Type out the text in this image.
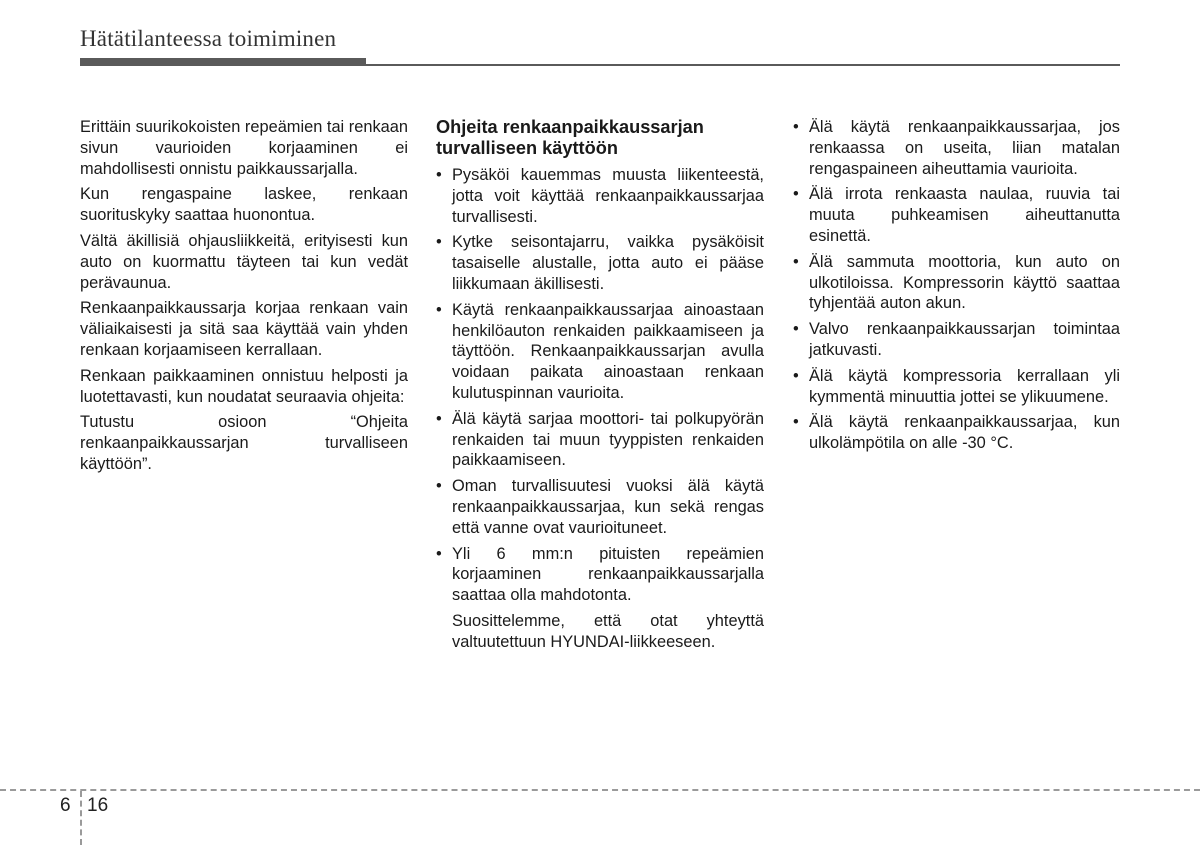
Hätätilanteessa toimiminen

Erittäin suurikokoisten repeämien tai renkaan sivun vaurioiden korjaaminen ei mahdollisesti onnistu paikkaussarjalla.

Kun rengaspaine laskee, renkaan suorituskyky saattaa huonontua.

Vältä äkillisiä ohjausliikkeitä, erityisesti kun auto on kuormattu täyteen tai kun vedät perävaunua.

Renkaanpaikkaussarja korjaa renkaan vain väliaikaisesti ja sitä saa käyttää vain yhden renkaan korjaamiseen kerrallaan.

Renkaan paikkaaminen onnistuu helposti ja luotettavasti, kun noudatat seuraavia ohjeita:

Tutustu osioon “Ohjeita renkaanpaikkaussarjan turvalliseen käyttöön”.

Ohjeita renkaanpaikkaussarjan turvalliseen käyttöön
• Pysäköi kauemmas muusta liikenteestä, jotta voit käyttää renkaanpaikkaussarjaa turvallisesti.
• Kytke seisontajarru, vaikka pysäköisit tasaiselle alustalle, jotta auto ei pääse liikkumaan äkillisesti.
• Käytä renkaanpaikkaussarjaa ainoastaan henkilöauton renkaiden paikkaamiseen ja täyttöön. Renkaanpaikkaussarjan avulla voidaan paikata ainoastaan renkaan kulutuspinnan vaurioita.
• Älä käytä sarjaa moottori- tai polkupyörän renkaiden tai muun tyyppisten renkaiden paikkaamiseen.
• Oman turvallisuutesi vuoksi älä käytä renkaanpaikkaussarjaa, kun sekä rengas että vanne ovat vaurioituneet.
• Yli 6 mm:n pituisten repeämien korjaaminen renkaanpaikkaussarjalla saattaa olla mahdotonta.
Suosittelemme, että otat yhteyttä valtuutettuun HYUNDAI-liikkeeseen.
• Älä käytä renkaanpaikkaussarjaa, jos renkaassa on useita, liian matalan rengaspaineen aiheuttamia vaurioita.
• Älä irrota renkaasta naulaa, ruuvia tai muuta puhkeamisen aiheuttanutta esinettä.
• Älä sammuta moottoria, kun auto on ulkotiloissa. Kompressorin käyttö saattaa tyhjentää auton akun.
• Valvo renkaanpaikkaussarjan toimintaa jatkuvasti.
• Älä käytä kompressoria kerrallaan yli kymmentä minuuttia jottei se ylikuumene.
• Älä käytä renkaanpaikkaussarjaa, kun ulkolämpötila on alle -30 °C.
6 16
